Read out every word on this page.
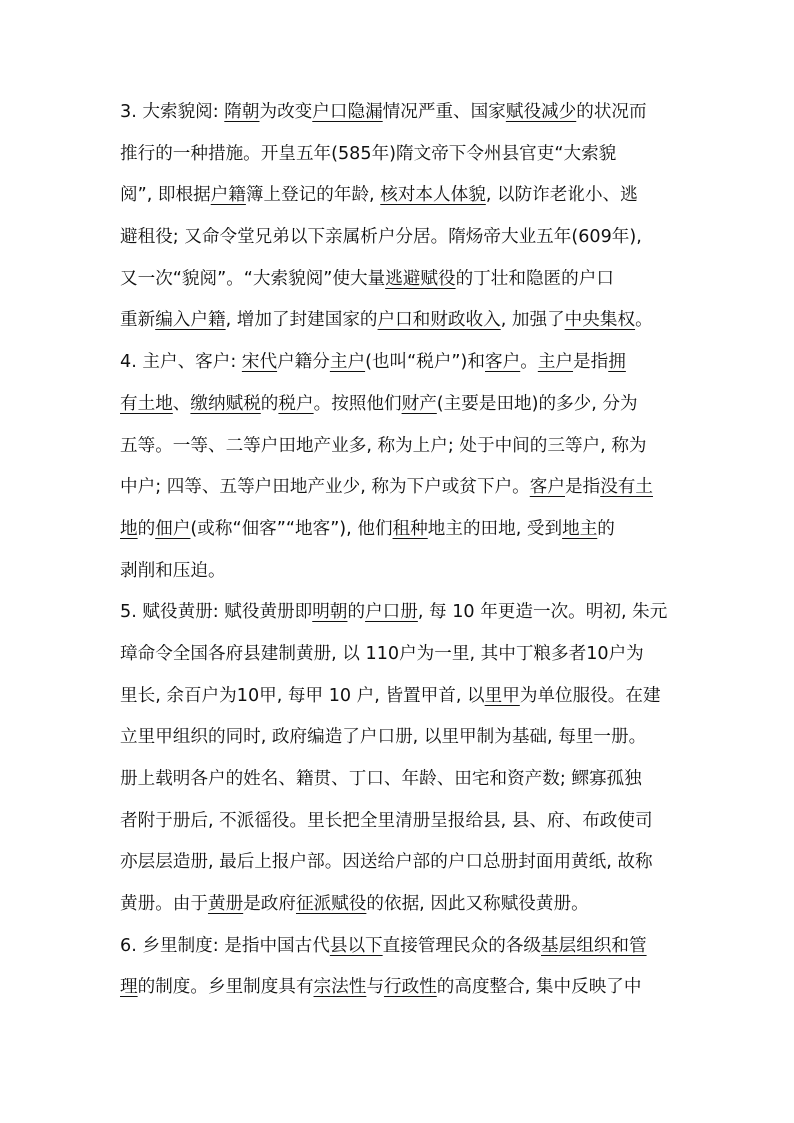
3. 大索貌阅: 隋朝为改变户口隐漏情况严重、国家赋役减少的状况而
推行的一种措施。开皇五年(585年)隋文帝下令州县官吏“大索貌
阅”, 即根据户籍簿上登记的年龄, 核对本人体貌, 以防诈老讹小、逃
避租役; 又命令堂兄弟以下亲属析户分居。隋炀帝大业五年(609年),
又一次“貌阅”。“大索貌阅”使大量逃避赋役的丁壮和隐匿的户口
重新编入户籍, 增加了封建国家的户口和财政收入, 加强了中央集权。
4. 主户、客户: 宋代户籍分主户(也叫“税户”)和客户。主户是指拥
有土地、缴纳赋税的税户。按照他们财产(主要是田地)的多少, 分为
五等。一等、二等户田地产业多, 称为上户; 处于中间的三等户, 称为
中户; 四等、五等户田地产业少, 称为下户或贫下户。客户是指没有土
地的佃户(或称“佃客”“地客”), 他们租种地主的田地, 受到地主的
剥削和压迫。
5. 赋役黄册: 赋役黄册即明朝的户口册, 每 10 年更造一次。明初, 朱元
璋命令全国各府县建制黄册, 以 110户为一里, 其中丁粮多者10户为
里长, 余百户为10甲, 每甲 10 户, 皆置甲首, 以里甲为单位服役。在建
立里甲组织的同时, 政府编造了户口册, 以里甲制为基础, 每里一册。
册上载明各户的姓名、籍贯、丁口、年龄、田宅和资产数; 鳏寡孤独
者附于册后, 不派徭役。里长把全里清册呈报给县, 县、府、布政使司
亦层层造册, 最后上报户部。因送给户部的户口总册封面用黄纸, 故称
黄册。由于黄册是政府征派赋役的依据, 因此又称赋役黄册。
6. 乡里制度: 是指中国古代县以下直接管理民众的各级基层组织和管
理的制度。乡里制度具有宗法性与行政性的高度整合, 集中反映了中
